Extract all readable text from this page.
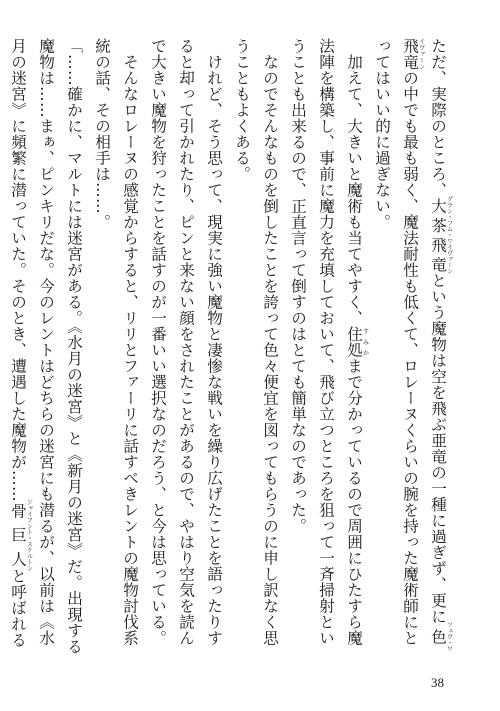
ただ、実際のところ、大茶飛竜グラン・フム・ワイヴァーンという魔物は空を飛ぶ亜竜の一種に過ぎず、更に色飛竜ツェヴ・ワイヴァーンの中でも最も弱く、魔法耐性も低くて、ロレーヌくらいの腕を持った魔術師にとってはいい的に過ぎない。

加えて、大きいと魔術も当てやすく、住処すみかまで分かっているので周囲にひたすら魔法陣を構築し、事前に魔力を充填しておいて、飛び立つところを狙って一斉掃射ということも出来るので、正直言って倒すのはとても簡単なのであった。

なのでそんなものを倒したことを誇って色々便宜を図ってもらうのに申し訳なく思うこともよくある。

けれど、そう思って、現実に強い魔物と凄惨な戦いを繰り広げたことを語ったりすると却って引かれたり、ピンと来ない顔をされたことがあるので、やはり空気を読んで大きい魔物を狩ったことを話すのが一番いい選択なのだろう、と今は思っている。

そんなロレーヌの感覚からすると、リリとファーリに話すべきレントの魔物討伐系統の話、その相手は……。

「……確かに、マルトには迷宮がある。《水月の迷宮》と《新月の迷宮》だ。出現する魔物は……まぁ、ピンキリだな。今のレントはどちらの迷宮にも潜るが、以前は《水月の迷宮》に頻繁に潜っていた。そのとき、遭遇した魔物が……骨巨人ジャイアント・スケルトンと呼ばれる

38
